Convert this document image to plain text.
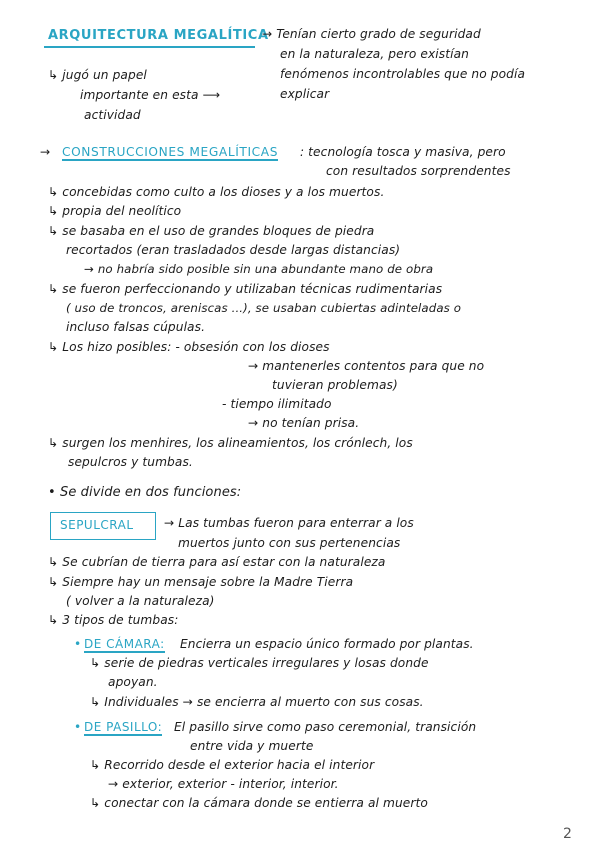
ARQUITECTURA MEGALÍTICA
→ Tenían cierto grado de seguridad
en la naturaleza, pero existían
fenómenos incontrolables que no podía
explicar
↳ jugó un papel
importante en esta ⟶
actividad
→ CONSTRUCCIONES MEGALÍTICAS : tecnología tosca y masiva, pero
con resultados sorprendentes
↳ concebidas como culto a los dioses y a los muertos.
↳ propia del neolítico
↳ se basaba en el uso de grandes bloques de piedra
recortados (eran trasladados desde largas distancias)
→ no habría sido posible sin una abundante mano de obra
↳ se fueron perfeccionando y utilizaban técnicas rudimentarias
( uso de troncos, areniscas ...), se usaban cubiertas adinteladas o
incluso falsas cúpulas.
↳ Los hizo posibles: - obsesión con los dioses
→ mantenerles contentos para que no
tuvieran problemas)
- tiempo ilimitado
→ no tenían prisa.
↳ surgen los menhires, los alineamientos, los crónlech, los
sepulcros y tumbas.
• Se divide en dos funciones:
SEPULCRAL → Las tumbas fueron para enterrar a los
muertos junto con sus pertenencias
↳ Se cubrían de tierra para así estar con la naturaleza
↳ Siempre hay un mensaje sobre la Madre Tierra
( volver a la naturaleza)
↳ 3 tipos de tumbas:
• DE CÁMARA: Encierra un espacio único formado por plantas.
↳ serie de piedras verticales irregulares y losas donde
apoyan.
↳ Individuales → se encierra al muerto con sus cosas.
• DE PASILLO: El pasillo sirve como paso ceremonial, transición
entre vida y muerte
↳ Recorrido desde el exterior hacia el interior
→ exterior, exterior - interior, interior.
↳ conectar con la cámara donde se entierra al muerto
2
